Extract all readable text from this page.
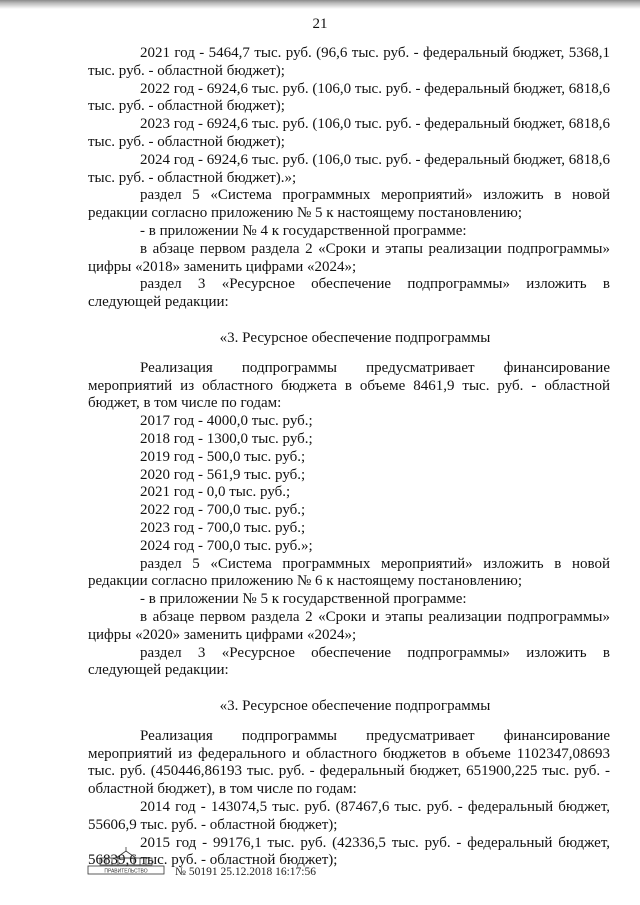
21
2021 год - 5464,7 тыс. руб. (96,6 тыс. руб. - федеральный бюджет, 5368,1 тыс. руб. - областной бюджет);
2022 год - 6924,6 тыс. руб. (106,0 тыс. руб. - федеральный бюджет, 6818,6 тыс. руб. - областной бюджет);
2023 год - 6924,6 тыс. руб. (106,0 тыс. руб. - федеральный бюджет, 6818,6 тыс. руб. - областной бюджет);
2024 год - 6924,6 тыс. руб. (106,0 тыс. руб. - федеральный бюджет, 6818,6 тыс. руб. - областной бюджет).»;
раздел 5 «Система программных мероприятий» изложить в новой редакции согласно приложению № 5 к настоящему постановлению;
- в приложении № 4 к государственной программе:
в абзаце первом раздела 2 «Сроки и этапы реализации подпрограммы» цифры «2018» заменить цифрами «2024»;
раздел 3 «Ресурсное обеспечение подпрограммы» изложить в следующей редакции:
«3. Ресурсное обеспечение подпрограммы
Реализация подпрограммы предусматривает финансирование мероприятий из областного бюджета в объеме 8461,9 тыс. руб. - областной бюджет, в том числе по годам:
2017 год - 4000,0 тыс. руб.;
2018 год - 1300,0 тыс. руб.;
2019 год - 500,0 тыс. руб.;
2020 год - 561,9 тыс. руб.;
2021 год - 0,0 тыс. руб.;
2022 год - 700,0 тыс. руб.;
2023 год - 700,0 тыс. руб.;
2024 год - 700,0 тыс. руб.»;
раздел 5 «Система программных мероприятий» изложить в новой редакции согласно приложению № 6 к настоящему постановлению;
- в приложении № 5 к государственной программе:
в абзаце первом раздела 2 «Сроки и этапы реализации подпрограммы» цифры «2020» заменить цифрами «2024»;
раздел 3 «Ресурсное обеспечение подпрограммы» изложить в следующей редакции:
«3. Ресурсное обеспечение подпрограммы
Реализация подпрограммы предусматривает финансирование мероприятий из федерального и областного бюджетов в объеме 1102347,08693 тыс. руб. (450446,86193 тыс. руб. - федеральный бюджет, 651900,225 тыс. руб. - областной бюджет), в том числе по годам:
2014 год - 143074,5 тыс. руб. (87467,6 тыс. руб. - федеральный бюджет, 55606,9 тыс. руб. - областной бюджет);
2015 год - 99176,1 тыс. руб. (42336,5 тыс. руб. - федеральный бюджет, 56839,6 тыс. руб. - областной бюджет);
ПРАВИТЕЛЬСТВО № 50191 25.12.2018 16:17:56
